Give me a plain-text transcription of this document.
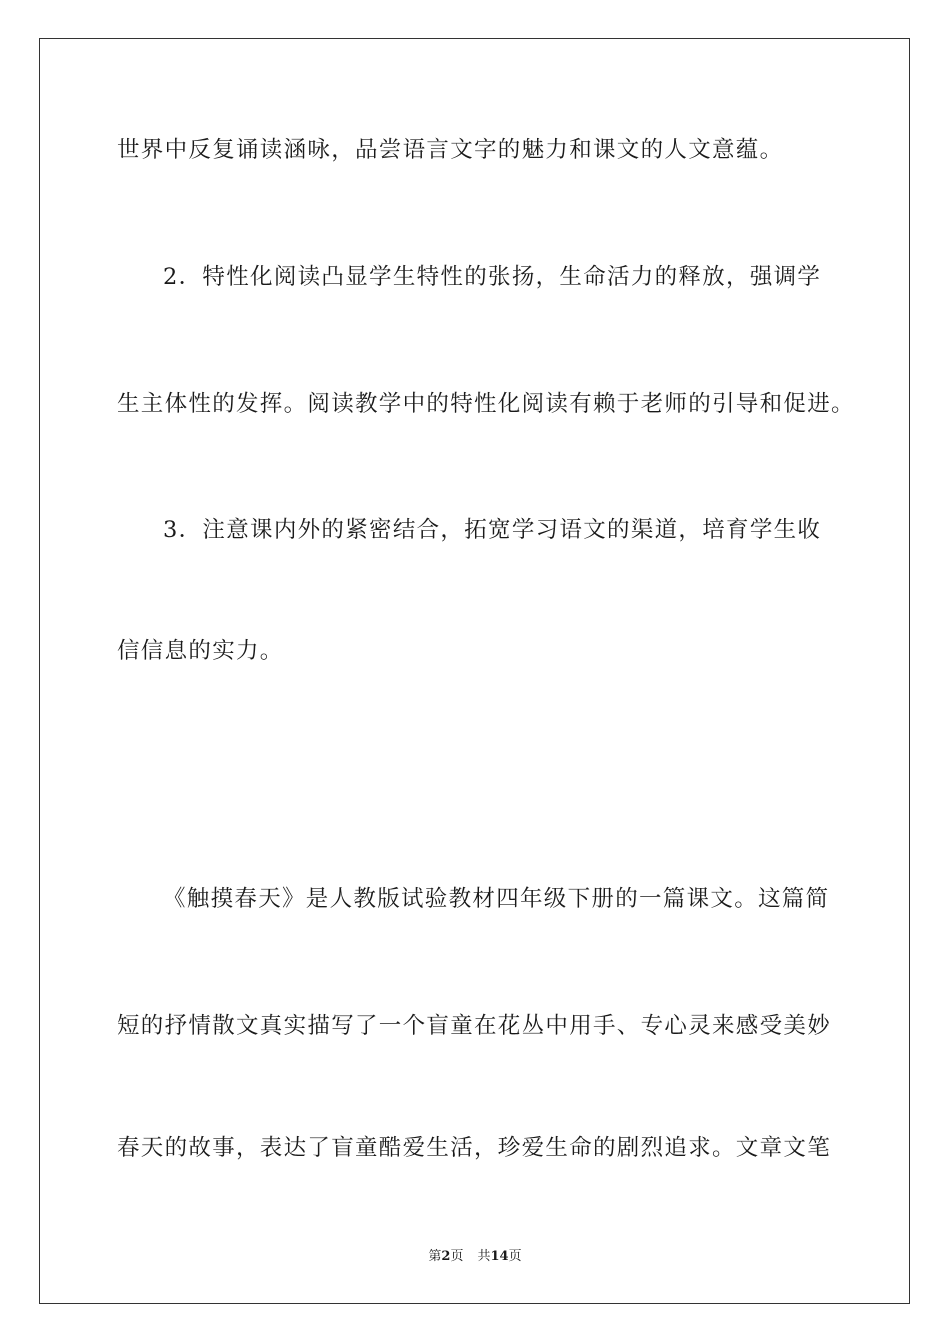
世界中反复诵读涵咏，品尝语言文字的魅力和课文的人文意蕴。
2．特性化阅读凸显学生特性的张扬，生命活力的释放，强调学
生主体性的发挥。阅读教学中的特性化阅读有赖于老师的引导和促进。
3．注意课内外的紧密结合，拓宽学习语文的渠道，培育学生收
信信息的实力。
《触摸春天》是人教版试验教材四年级下册的一篇课文。这篇简
短的抒情散文真实描写了一个盲童在花丛中用手、专心灵来感受美妙
春天的故事，表达了盲童酷爱生活，珍爱生命的剧烈追求。文章文笔
第2页 共14页
